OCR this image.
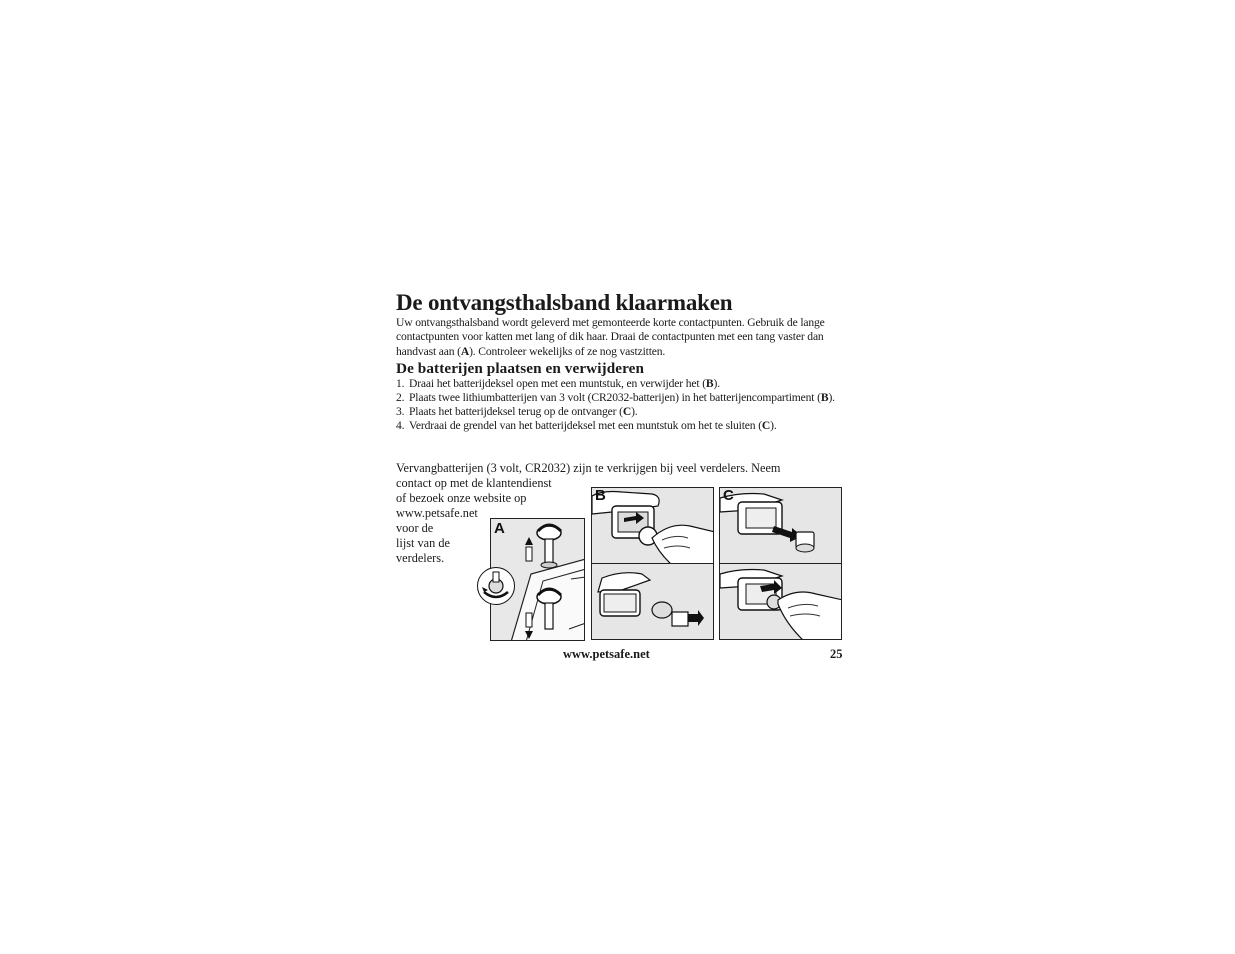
De ontvangsthalsband klaarmaken

Uw ontvangsthalsband wordt geleverd met gemonteerde korte contactpunten. Gebruik de lange contactpunten voor katten met lang of dik haar. Draai de contactpunten met een tang vaster dan handvast aan (A). Controleer wekelijks of ze nog vastzitten.

De batterijen plaatsen en verwijderen
1. Draai het batterijdeksel open met een muntstuk, en verwijder het (B).
2. Plaats twee lithiumbatterijen van 3 volt (CR2032-batterijen) in het batterijencompartiment (B).
3. Plaats het batterijdeksel terug op de ontvanger (C).
4. Verdraai de grendel van het batterijdeksel met een muntstuk om het te sluiten (C).

Vervangbatterijen (3 volt, CR2032) zijn te verkrijgen bij veel verdelers. Neem

contact op met de klantendienst
of bezoek onze website op
www.petsafe.net
voor de
lijst van de
verdelers.

A
B	C
www.petsafe.net	25
